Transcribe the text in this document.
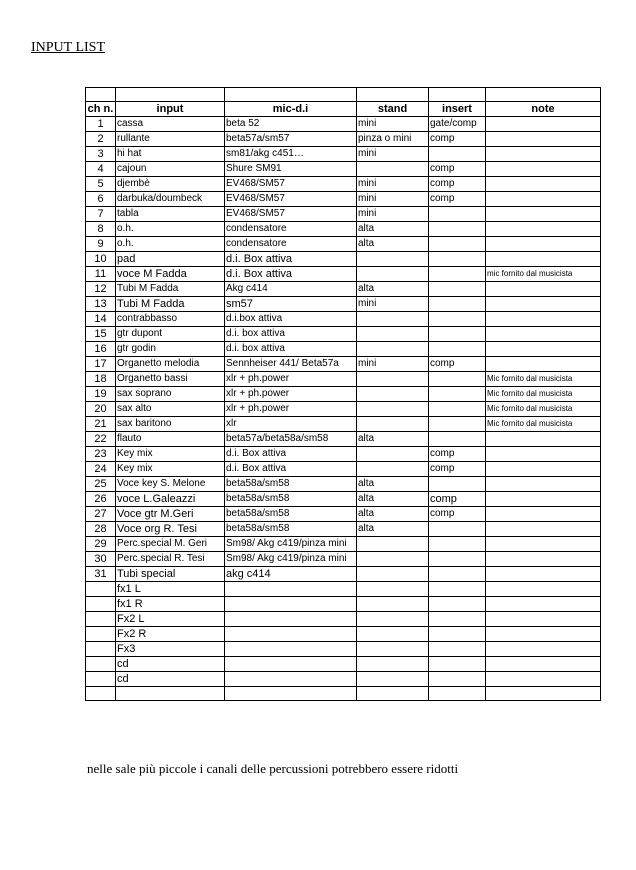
INPUT LIST

ch n.	input	mic-d.i	stand	insert	note
1	cassa	beta 52	mini	gate/comp	
2	rullante	beta57a/sm57	pinza o mini	comp	
3	hi hat	sm81/akg c451…	mini		
4	cajoun	Shure SM91		comp	
5	djembè	EV468/SM57	mini	comp	
6	darbuka/doumbeck	EV468/SM57	mini	comp	
7	tabla	EV468/SM57	mini		
8	o.h.	condensatore	alta		
9	o.h.	condensatore	alta		
10	pad	d.i. Box attiva			
11	voce M Fadda	d.i. Box attiva			mic fornito dal musicista
12	Tubi M Fadda	Akg c414	alta		
13	Tubi M Fadda	sm57	mini		
14	contrabbasso	d.i.box attiva			
15	gtr dupont	d.i. box attiva			
16	gtr godin	d.i. box attiva			
17	Organetto melodia	Sennheiser 441/ Beta57a	mini	comp	
18	Organetto bassi	xlr + ph.power			Mic fornito dal musicista
19	sax soprano	xlr + ph.power			Mic fornito dal musicista
20	sax alto	xlr + ph.power			Mic fornito dal musicista
21	sax baritono	xlr			Mic fornito dal musicista
22	flauto	beta57a/beta58a/sm58	alta		
23	Key mix	d.i. Box attiva		comp	
24	Key mix	d.i. Box attiva		comp	
25	Voce key S. Melone	beta58a/sm58	alta		
26	voce L.Galeazzi	beta58a/sm58	alta	comp	
27	Voce gtr M.Geri	beta58a/sm58	alta	comp	
28	Voce org R. Tesi	beta58a/sm58	alta		
29	Perc.special M. Geri	Sm98/ Akg c419/pinza mini			
30	Perc.special R. Tesi	Sm98/ Akg c419/pinza mini			
31	Tubi special	akg c414			
	fx1 L				
	fx1 R				
	Fx2 L				
	Fx2 R				
	Fx3				
	cd				
	cd				

nelle sale più piccole i canali delle percussioni potrebbero essere ridotti
